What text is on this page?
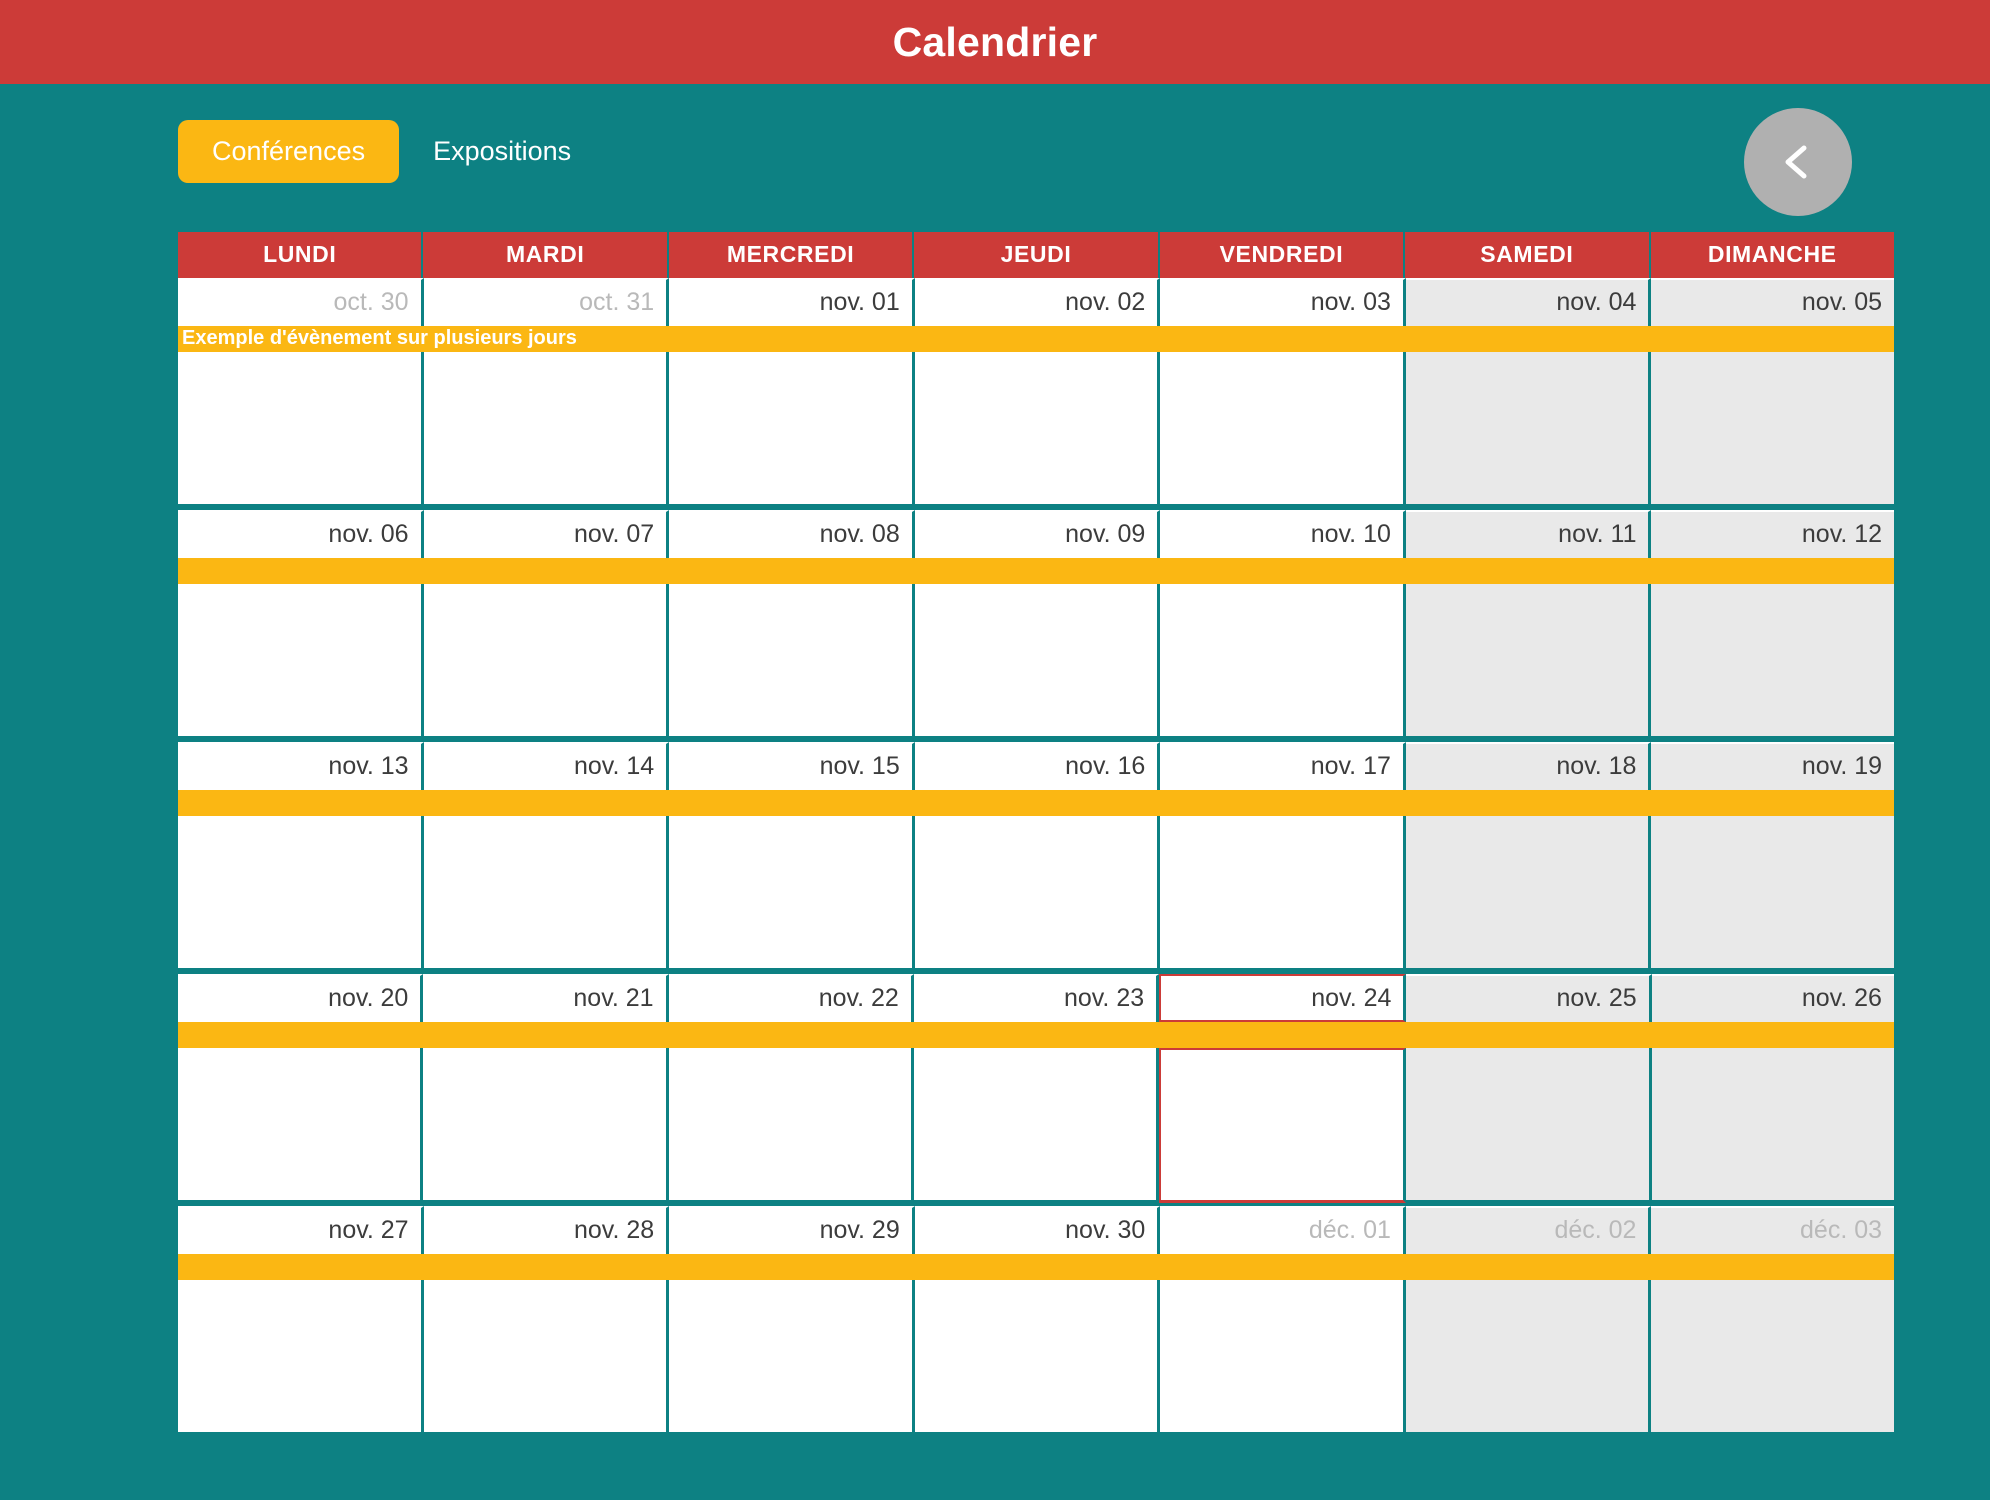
Calendrier
Conférences	Expositions
LUNDI	MARDI	MERCREDI	JEUDI	VENDREDI	SAMEDI	DIMANCHE
oct. 30	oct. 31	nov. 01	nov. 02	nov. 03	nov. 04	nov. 05
Exemple d'évènement sur plusieurs jours
nov. 06	nov. 07	nov. 08	nov. 09	nov. 10	nov. 11	nov. 12
nov. 13	nov. 14	nov. 15	nov. 16	nov. 17	nov. 18	nov. 19
nov. 20	nov. 21	nov. 22	nov. 23	nov. 24	nov. 25	nov. 26
nov. 27	nov. 28	nov. 29	nov. 30	déc. 01	déc. 02	déc. 03
